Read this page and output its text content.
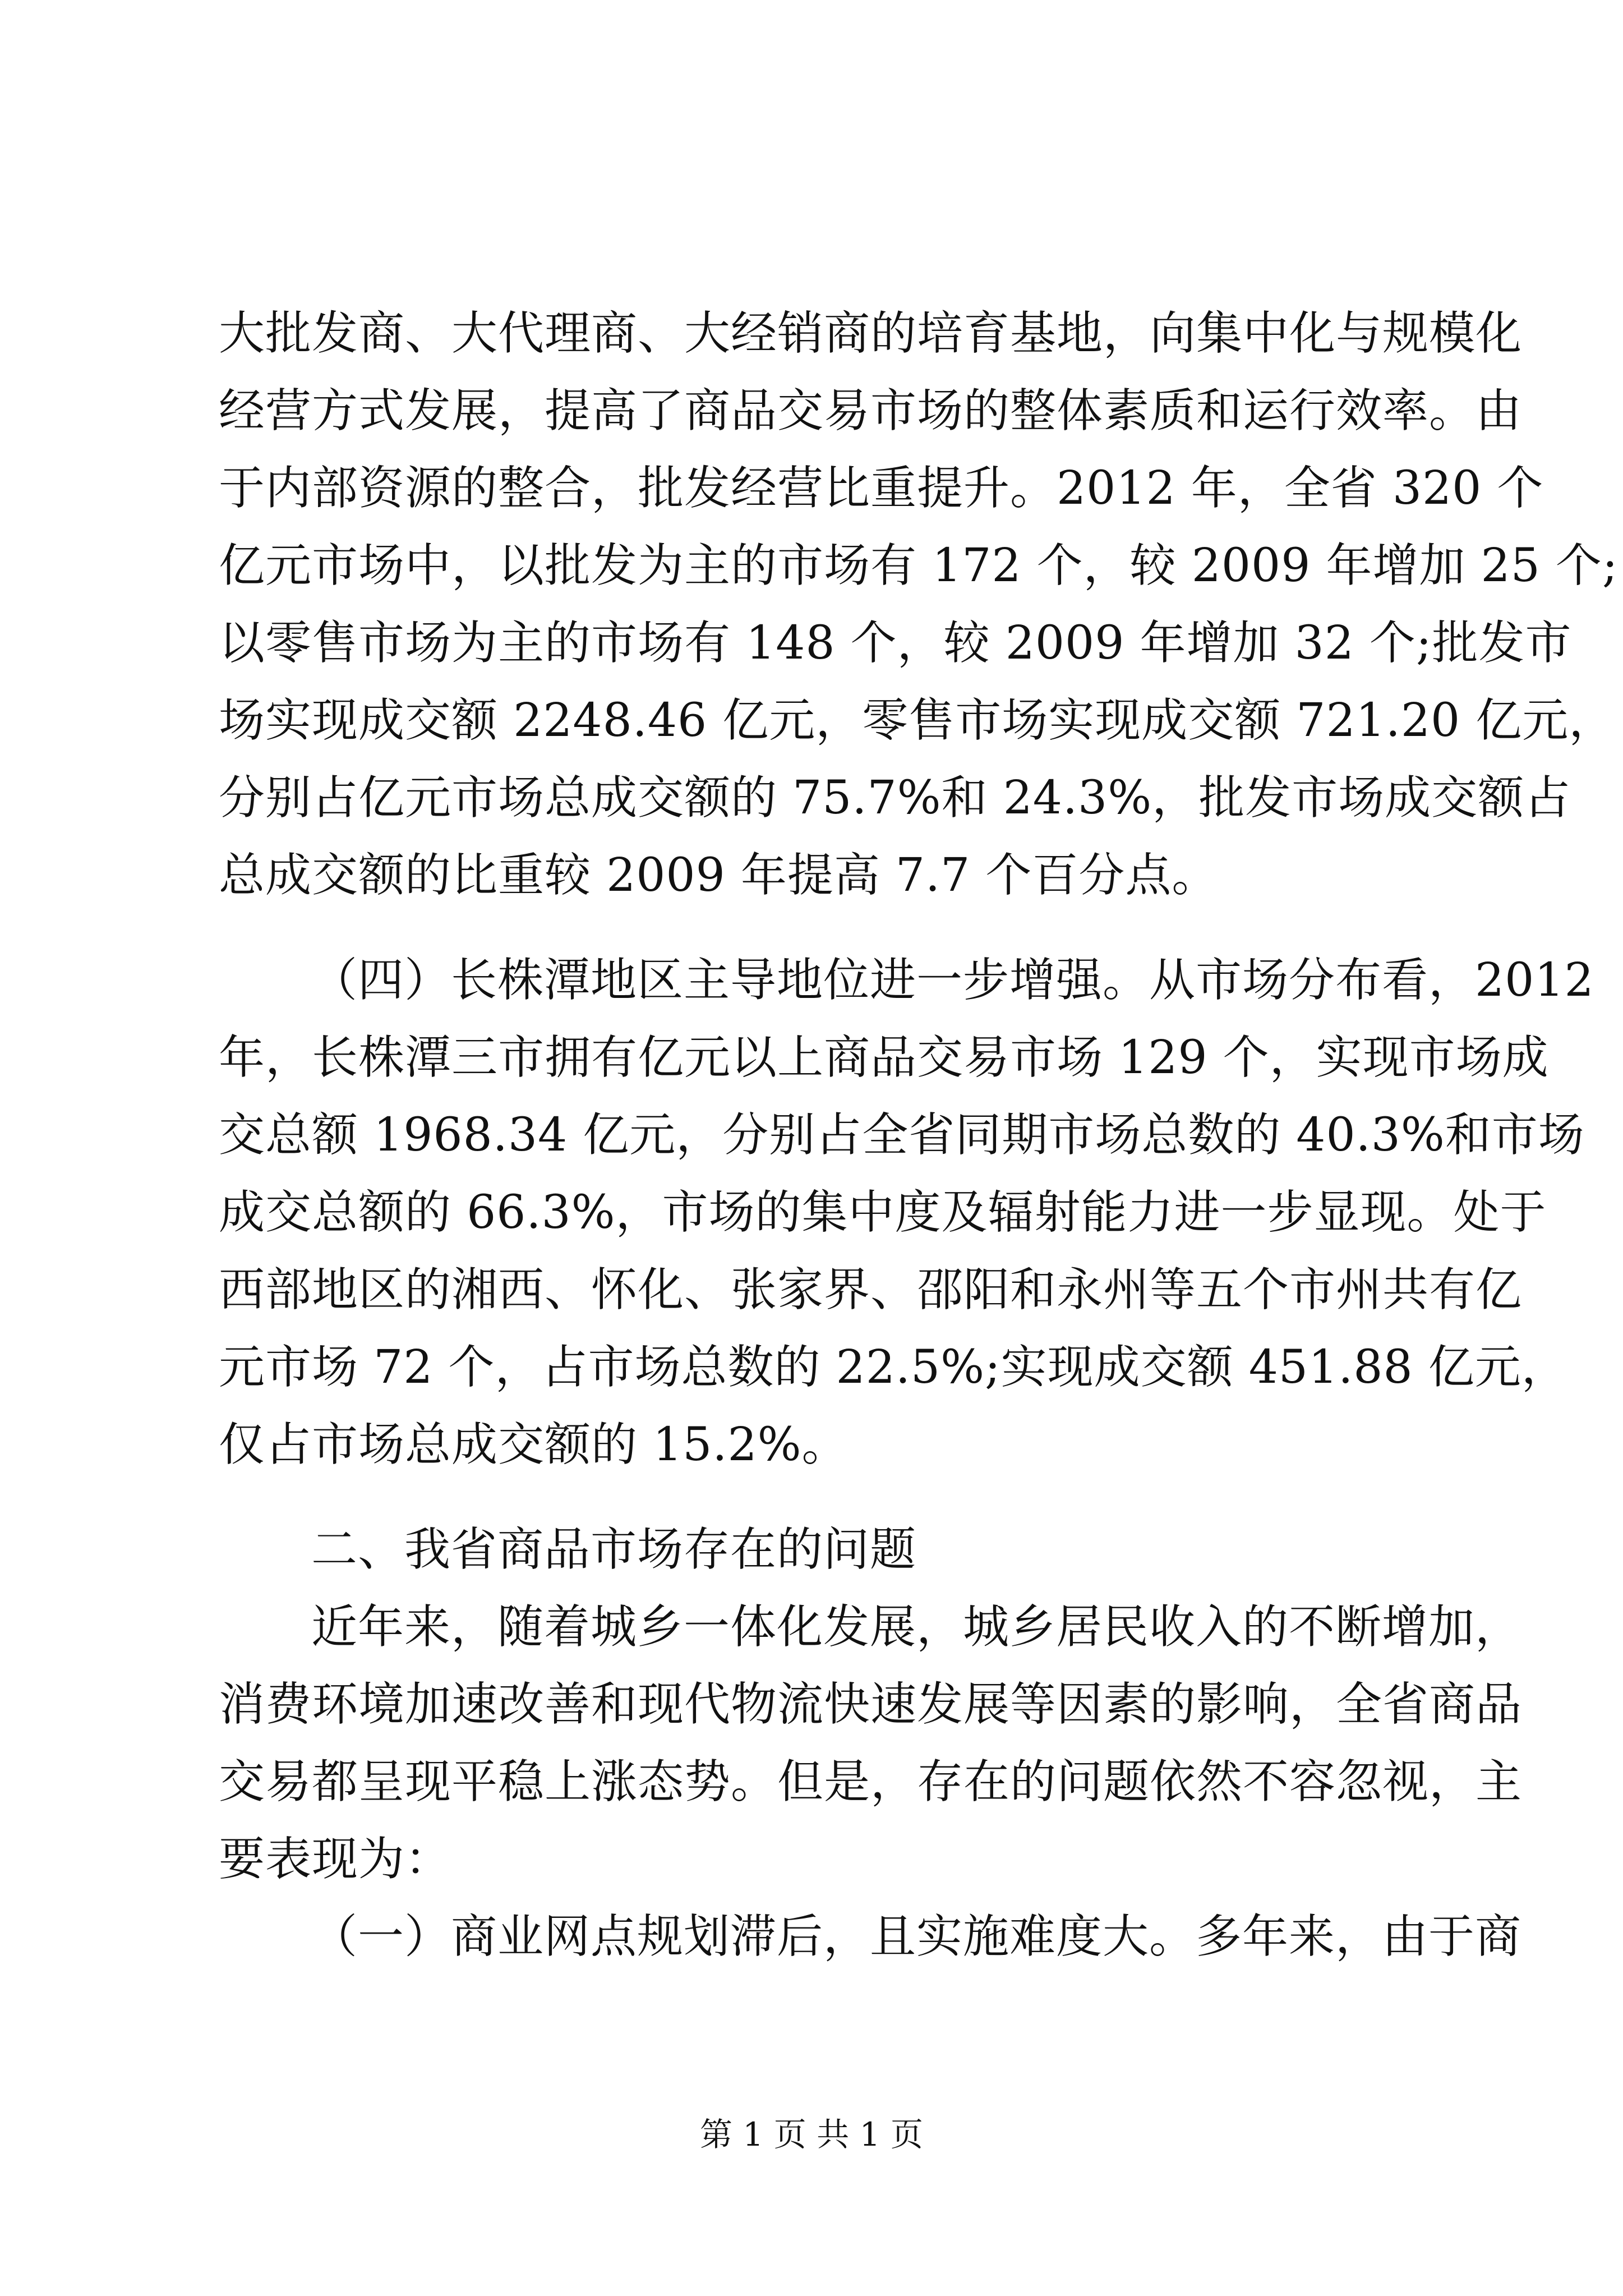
大批发商、大代理商、大经销商的培育基地，向集中化与规模化
经营方式发展，提高了商品交易市场的整体素质和运行效率。由
于内部资源的整合，批发经营比重提升。2012 年，全省 320 个
亿元市场中，以批发为主的市场有 172 个，较 2009 年增加 25 个;
以零售市场为主的市场有 148 个，较 2009 年增加 32 个;批发市
场实现成交额 2248.46 亿元，零售市场实现成交额 721.20 亿元，
分别占亿元市场总成交额的 75.7%和 24.3%，批发市场成交额占
总成交额的比重较 2009 年提高 7.7 个百分点。
（四）长株潭地区主导地位进一步增强。从市场分布看，2012
年，长株潭三市拥有亿元以上商品交易市场 129 个，实现市场成
交总额 1968.34 亿元，分别占全省同期市场总数的 40.3%和市场
成交总额的 66.3%，市场的集中度及辐射能力进一步显现。处于
西部地区的湘西、怀化、张家界、邵阳和永州等五个市州共有亿
元市场 72 个，占市场总数的 22.5%;实现成交额 451.88 亿元，
仅占市场总成交额的 15.2%。
二、我省商品市场存在的问题
近年来，随着城乡一体化发展，城乡居民收入的不断增加，
消费环境加速改善和现代物流快速发展等因素的影响，全省商品
交易都呈现平稳上涨态势。但是，存在的问题依然不容忽视，主
要表现为：
（一）商业网点规划滞后，且实施难度大。多年来，由于商
第 1 页 共 1 页
